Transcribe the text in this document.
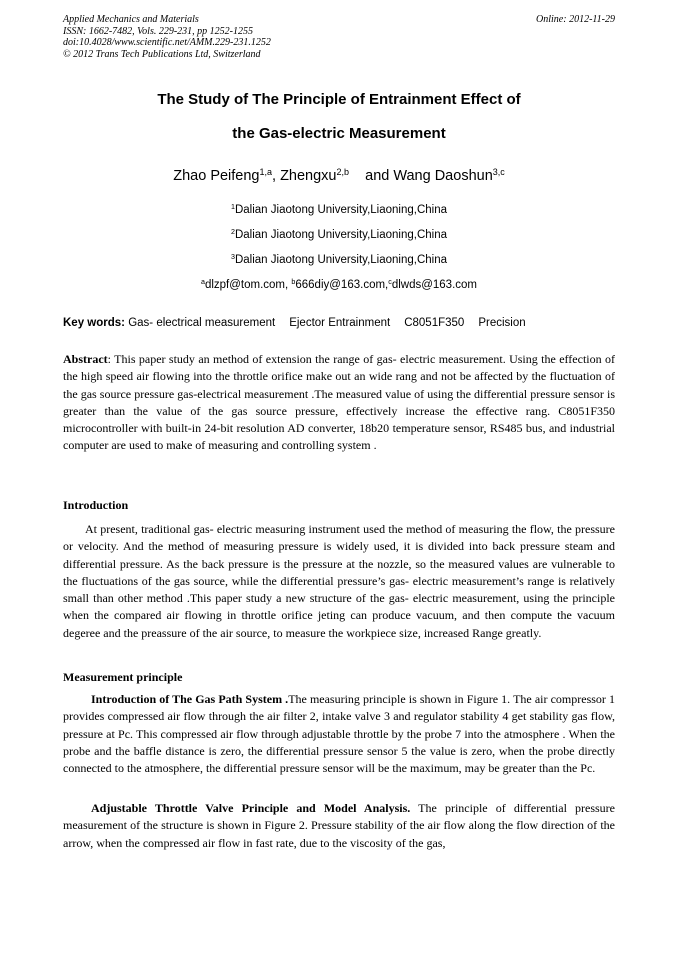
Applied Mechanics and Materials
ISSN: 1662-7482, Vols. 229-231, pp 1252-1255
doi:10.4028/www.scientific.net/AMM.229-231.1252
© 2012 Trans Tech Publications Ltd, Switzerland
Online: 2012-11-29
The Study of The Principle of Entrainment Effect of
the Gas-electric Measurement
Zhao Peifeng$^{1,a}$, Zhengxu$^{2,b}$ and Wang Daoshun$^{3,c}$
$^1$Dalian Jiaotong University,Liaoning,China
$^2$Dalian Jiaotong University,Liaoning,China
$^3$Dalian Jiaotong University,Liaoning,China
$^a$dlzpf@tom.com, $^b$666diy@163.com,$^c$dlwds@163.com
Key words: Gas- electrical measurement Ejector Entrainment C8051F350 Precision
Abstract: This paper study an method of extension the range of gas- electric measurement. Using the effection of the high speed air flowing into the throttle orifice make out an wide rang and not be affected by the fluctuation of the gas source pressure gas-electrical measurement .The measured value of using the differential pressure sensor is greater than the value of the gas source pressure, effectively increase the effective rang. C8051F350 microcontroller with built-in 24-bit resolution AD converter, 18b20 temperature sensor, RS485 bus, and industrial computer are used to make of measuring and controlling system .
Introduction
At present, traditional gas- electric measuring instrument used the method of measuring the flow, the pressure or velocity. And the method of measuring pressure is widely used, it is divided into back pressure steam and differential pressure. As the back pressure is the pressure at the nozzle, so the measured values are vulnerable to the fluctuations of the gas source, while the differential pressure’s gas- electric measurement’s range is relatively small than other method .This paper study a new structure of the gas- electric measurement, using the principle when the compared air flowing in throttle orifice jeting can produce vacuum, and then compute the vacuum degeree and the preassure of the air source, to measure the workpiece size, increased Range greatly.
Measurement principle
Introduction of The Gas Path System .The measuring principle is shown in Figure 1. The air compressor 1 provides compressed air flow through the air filter 2, intake valve 3 and regulator stability 4 get stability gas flow, pressure at Pc. This compressed air flow through adjustable throttle by the probe 7 into the atmosphere . When the probe and the baffle distance is zero, the differential pressure sensor 5 the value is zero, when the probe directly connected to the atmosphere, the differential pressure sensor will be the maximum, may be greater than the Pc.
Adjustable Throttle Valve Principle and Model Analysis. The principle of differential pressure measurement of the structure is shown in Figure 2. Pressure stability of the air flow along the flow direction of the arrow, when the compressed air flow in fast rate, due to the viscosity of the gas,
